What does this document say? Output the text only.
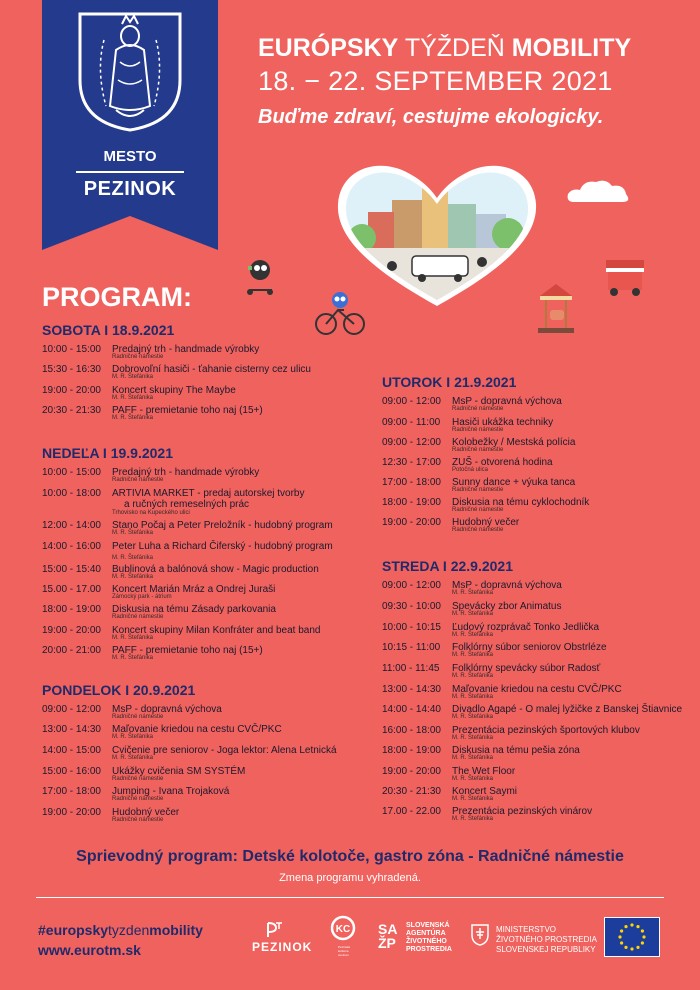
MESTO
PEZINOK
EURÓPSKY TÝŽDEŇ MOBILITY
18. − 22. SEPTEMBER 2021
Buďme zdraví, cestujme ekologicky.
PROGRAM:
SOBOTA I 18.9.2021
10:00 - 15:00	Predajný trh - handmade výrobky
Radničné námestie
15:30 - 16:30	Dobrovoľní hasiči - ťahanie cisterny cez ulicu
M. R. Štefánika
19:00 - 20:00	Koncert skupiny The Maybe
M. R. Štefánika
20:30 - 21:30	PAFF - premietanie toho naj (15+)
M. R. Štefánika
NEDEĽA I 19.9.2021
10:00 - 15:00	Predajný trh - handmade výrobky
Radničné námestie
10:00 - 18:00	ARTIVIA MARKET - predaj autorskej tvorby
a ručných remeselných prác
Trhovisko na Kupeckého ulici
12:00 - 14:00	Stano Počaj a Peter Preložník - hudobný program
M. R. Štefánika
14:00 - 16:00	Peter Luha a Richard Čiferský - hudobný program
M. R. Štefánika
15:00 - 15:40	Bublinová a balónová show - Magic production
M. R. Štefánika
15.00 - 17.00	Koncert Marián Mráz a Ondrej Juraši
Zámocký park - átrium
18:00 - 19:00	Diskusia na tému Zásady parkovania
Radničné námestie
19:00 - 20:00	Koncert skupiny Milan Konfráter and beat band
M. R. Štefánika
20:00 - 21:00	PAFF - premietanie toho naj (15+)
M. R. Štefánika
PONDELOK I 20.9.2021
09:00 - 12:00	MsP - dopravná výchova
Radničné námestie
13:00 - 14:30	Maľovanie kriedou na cestu CVČ/PKC
M. R. Štefánika
14:00 - 15:00	Cvičenie pre seniorov - Joga lektor: Alena Letnická
M. R. Štefánika
15:00 - 16:00	Ukážky cvičenia SM SYSTÉM
Radničné námestie
17:00 - 18:00	Jumping - Ivana Trojaková
Radničné námestie
19:00 - 20:00	Hudobný večer
Radničné námestie
UTOROK I 21.9.2021
09:00 - 12:00	MsP - dopravná výchova
Radničné námestie
09:00 - 11:00	Hasiči ukážka techniky
Radničné námestie
09:00 - 12:00	Kolobežky / Mestská polícia
Radničné námestie
12:30 - 17:00	ZUŠ - otvorená hodina
Potočná ulica
17:00 - 18:00	Sunny dance + výuka tanca
Radničné námestie
18:00 - 19:00	Diskusia na tému cyklochodník
Radničné námestie
19:00 - 20:00	Hudobný večer
Radničné námestie
STREDA I 22.9.2021
09:00 - 12:00	MsP - dopravná výchova
M. R. Štefánika
09:30 - 10:00	Spevácky zbor Animatus
M. R. Štefánika
10:00 - 10:15	Ľudový rozprávač Tonko Jedlička
M. R. Štefánika
10:15 - 11:00	Folklórny súbor seniorov Obstrléze
M. R. Štefánika
11:00 - 11:45	Folklórny spevácky súbor Radosť
M. R. Štefánika
13:00 - 14:30	Maľovanie kriedou na cestu CVČ/PKC
M. R. Štefánika
14:00 - 14:40	Divadlo Agapé - O malej lyžičke z Banskej Štiavnice
M. R. Štefánika
16:00 - 18:00	Prezentácia pezinských športových klubov
M. R. Štefánika
18:00 - 19:00	Diskusia na tému pešia zóna
M. R. Štefánika
19:00 - 20:00	The Wet Floor
M. R. Štefánika
20:30 - 21:30	Koncert Saymi
M. R. Štefánika
17.00 - 22.00	Prezentácia pezinských vinárov
M. R. Štefánika
Sprievodný program: Detské kolotoče, gastro zóna - Radničné námestie
Zmena programu vyhradená.
#europskytyzdenmobility
www.eurotm.sk	PEZINOK
KC
Pezinské
kultúrne
centrum
SA
ŽP
SLOVENSKÁ
AGENTÚRA
ŽIVOTNÉHO
PROSTREDIA
MINISTERSTVO
ŽIVOTNÉHO PROSTREDIA
SLOVENSKEJ REPUBLIKY
